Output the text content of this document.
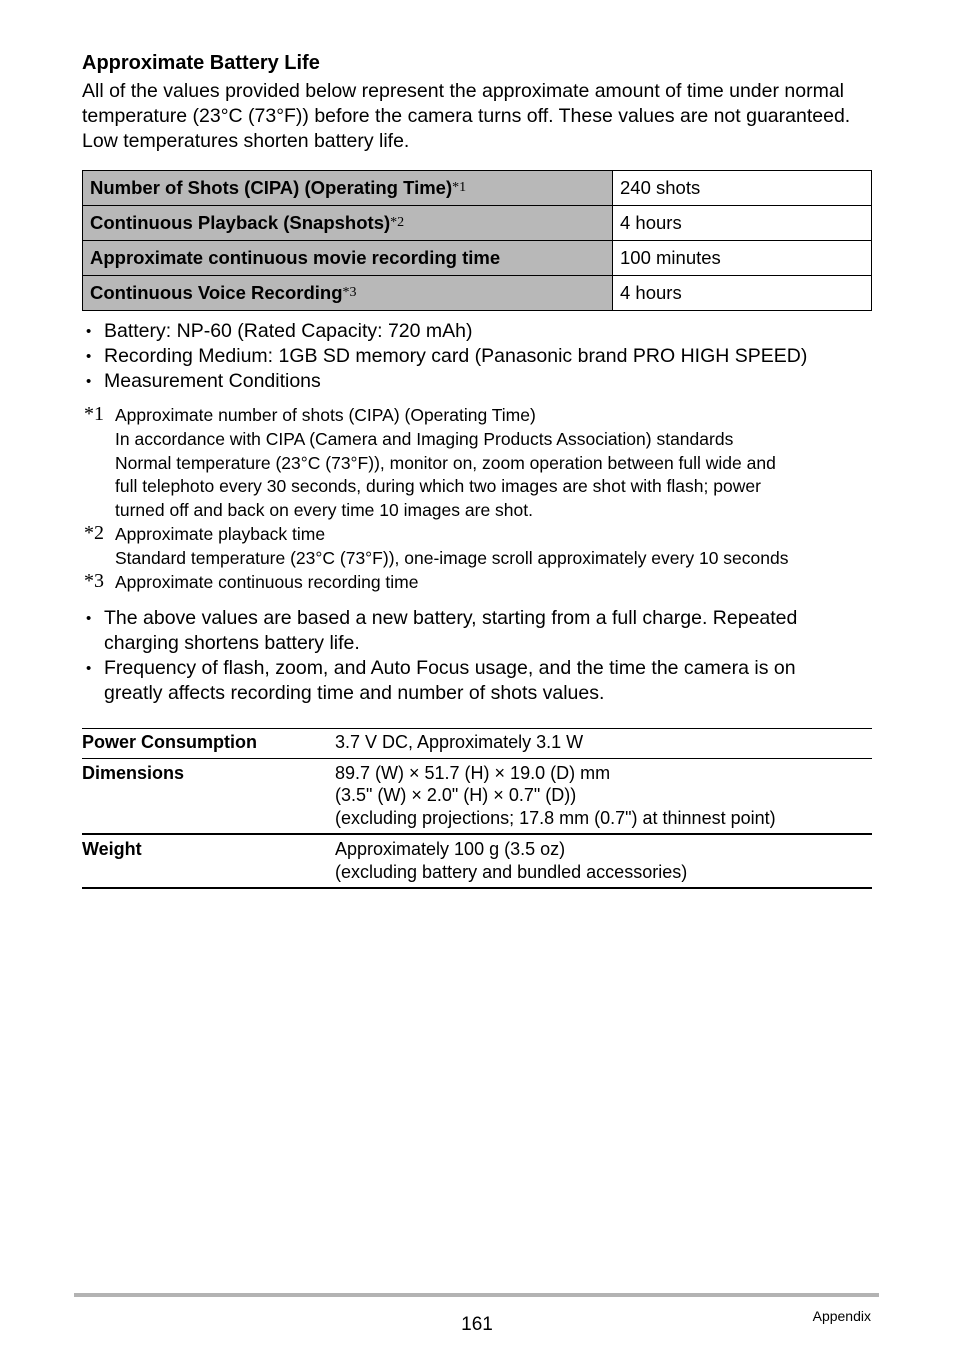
Approximate Battery Life

All of the values provided below represent the approximate amount of time under normal temperature (23°C (73°F)) before the camera turns off. These values are not guaranteed. Low temperatures shorten battery life.

Number of Shots (CIPA) (Operating Time)*1	240 shots
Continuous Playback (Snapshots)*2	4 hours
Approximate continuous movie recording time	100 minutes
Continuous Voice Recording*3	4 hours
• Battery: NP-60 (Rated Capacity: 720 mAh)
• Recording Medium: 1GB SD memory card (Panasonic brand PRO HIGH SPEED)
• Measurement Conditions
*1 Approximate number of shots (CIPA) (Operating Time)
In accordance with CIPA (Camera and Imaging Products Association) standards
Normal temperature (23°C (73°F)), monitor on, zoom operation between full wide and
full telephoto every 30 seconds, during which two images are shot with flash; power
turned off and back on every time 10 images are shot.
*2 Approximate playback time
Standard temperature (23°C (73°F)), one-image scroll approximately every 10 seconds
*3 Approximate continuous recording time
• The above values are based a new battery, starting from a full charge. Repeated
charging shortens battery life.
• Frequency of flash, zoom, and Auto Focus usage, and the time the camera is on
greatly affects recording time and number of shots values.
Power Consumption	3.7 V DC, Approximately 3.1 W

Dimensions	89.7 (W) × 51.7 (H) × 19.0 (D) mm
(3.5" (W) × 2.0" (H) × 0.7" (D))
(excluding projections; 17.8 mm (0.7") at thinnest point)

Weight	Approximately 100 g (3.5 oz)
(excluding battery and bundled accessories)
161	Appendix
